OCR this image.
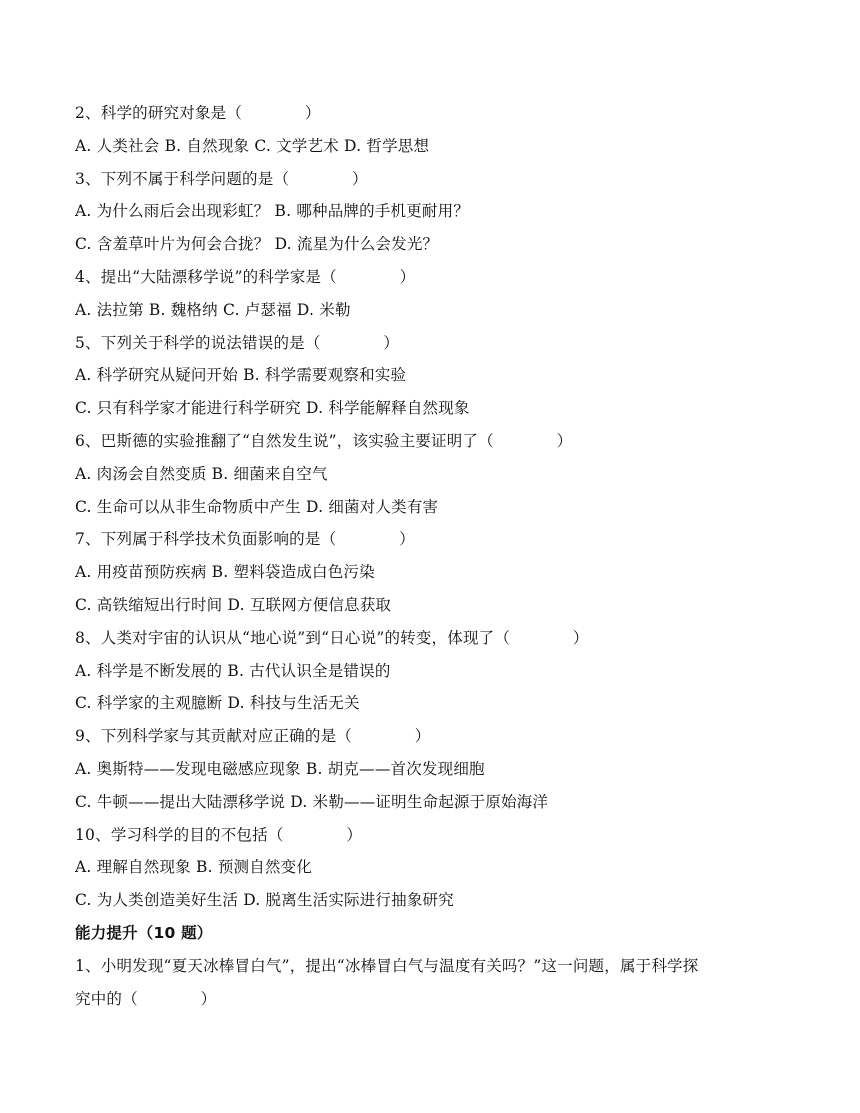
2、科学的研究对象是（　　　　）
A. 人类社会 B. 自然现象 C. 文学艺术 D. 哲学思想
3、下列不属于科学问题的是（　　　　）
A. 为什么雨后会出现彩虹？ B. 哪种品牌的手机更耐用？
C. 含羞草叶片为何会合拢？ D. 流星为什么会发光？
4、提出“大陆漂移学说”的科学家是（　　　　）
A. 法拉第 B. 魏格纳 C. 卢瑟福 D. 米勒
5、下列关于科学的说法错误的是（　　　　）
A. 科学研究从疑问开始 B. 科学需要观察和实验
C. 只有科学家才能进行科学研究 D. 科学能解释自然现象
6、巴斯德的实验推翻了“自然发生说”，该实验主要证明了（　　　　）
A. 肉汤会自然变质 B. 细菌来自空气
C. 生命可以从非生命物质中产生 D. 细菌对人类有害
7、下列属于科学技术负面影响的是（　　　　）
A. 用疫苗预防疾病 B. 塑料袋造成白色污染
C. 高铁缩短出行时间 D. 互联网方便信息获取
8、人类对宇宙的认识从“地心说”到“日心说”的转变，体现了（　　　　）
A. 科学是不断发展的 B. 古代认识全是错误的
C. 科学家的主观臆断 D. 科技与生活无关
9、下列科学家与其贡献对应正确的是（　　　　）
A. 奥斯特——发现电磁感应现象 B. 胡克——首次发现细胞
C. 牛顿——提出大陆漂移学说 D. 米勒——证明生命起源于原始海洋
10、学习科学的目的不包括（　　　　）
A. 理解自然现象 B. 预测自然变化
C. 为人类创造美好生活 D. 脱离生活实际进行抽象研究
能力提升（10 题）
1、小明发现“夏天冰棒冒白气”，提出“冰棒冒白气与温度有关吗？”这一问题，属于科学探
究中的（　　　　）
